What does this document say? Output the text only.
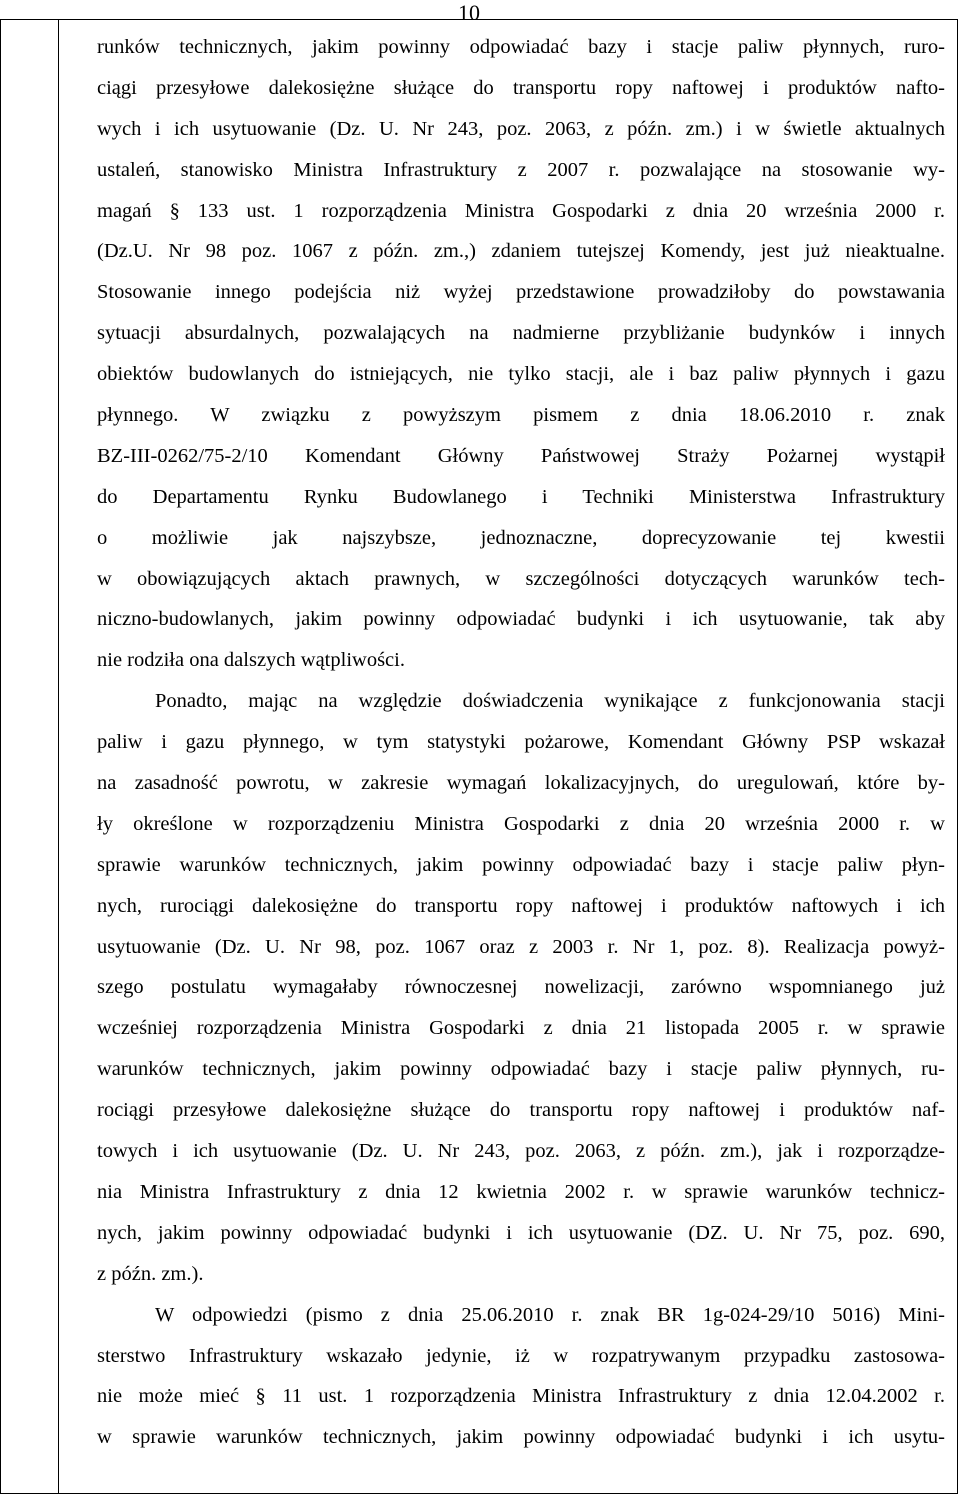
10
runków technicznych, jakim powinny odpowiadać bazy i stacje paliw płynnych, ruro-
ciągi przesyłowe dalekosiężne służące do transportu ropy naftowej i produktów nafto-
wych i ich usytuowanie (Dz. U. Nr 243, poz. 2063, z późn. zm.) i w świetle aktualnych
ustaleń, stanowisko Ministra Infrastruktury z 2007 r. pozwalające na stosowanie wy-
magań § 133 ust. 1 rozporządzenia Ministra Gospodarki z dnia 20 września 2000 r.
(Dz.U. Nr 98 poz. 1067 z późn. zm.,) zdaniem tutejszej Komendy, jest już nieaktualne.
Stosowanie innego podejścia niż wyżej przedstawione prowadziłoby do powstawania
sytuacji absurdalnych, pozwalających na nadmierne przybliżanie budynków i innych
obiektów budowlanych do istniejących, nie tylko stacji, ale i baz paliw płynnych i gazu
płynnego. W związku z powyższym pismem z dnia 18.06.2010 r. znak
BZ-III-0262/75-2/10 Komendant Główny Państwowej Straży Pożarnej wystąpił
do Departamentu Rynku Budowlanego i Techniki Ministerstwa Infrastruktury
o możliwie jak najszybsze, jednoznaczne, doprecyzowanie tej kwestii
w obowiązujących aktach prawnych, w szczególności dotyczących warunków tech-
niczno-budowlanych, jakim powinny odpowiadać budynki i ich usytuowanie, tak aby
nie rodziła ona dalszych wątpliwości.
Ponadto, mając na względzie doświadczenia wynikające z funkcjonowania stacji
paliw i gazu płynnego, w tym statystyki pożarowe, Komendant Główny PSP wskazał
na zasadność powrotu, w zakresie wymagań lokalizacyjnych, do uregulowań, które by-
ły określone w rozporządzeniu Ministra Gospodarki z dnia 20 września 2000 r. w
sprawie warunków technicznych, jakim powinny odpowiadać bazy i stacje paliw płyn-
nych, rurociągi dalekosiężne do transportu ropy naftowej i produktów naftowych i ich
usytuowanie (Dz. U. Nr 98, poz. 1067 oraz z 2003 r. Nr 1, poz. 8). Realizacja powyż-
szego postulatu wymagałaby równoczesnej nowelizacji, zarówno wspomnianego już
wcześniej rozporządzenia Ministra Gospodarki z dnia 21 listopada 2005 r. w sprawie
warunków technicznych, jakim powinny odpowiadać bazy i stacje paliw płynnych, ru-
rociągi przesyłowe dalekosiężne służące do transportu ropy naftowej i produktów naf-
towych i ich usytuowanie (Dz. U. Nr 243, poz. 2063, z późn. zm.), jak i rozporządze-
nia Ministra Infrastruktury z dnia 12 kwietnia 2002 r. w sprawie warunków technicz-
nych, jakim powinny odpowiadać budynki i ich usytuowanie (DZ. U. Nr 75, poz. 690,
z późn. zm.).
W odpowiedzi (pismo z dnia 25.06.2010 r. znak BR 1g-024-29/10 5016) Mini-
sterstwo Infrastruktury wskazało jedynie, iż w rozpatrywanym przypadku zastosowa-
nie może mieć § 11 ust. 1 rozporządzenia Ministra Infrastruktury z dnia 12.04.2002 r.
w sprawie warunków technicznych, jakim powinny odpowiadać budynki i ich usytu-
